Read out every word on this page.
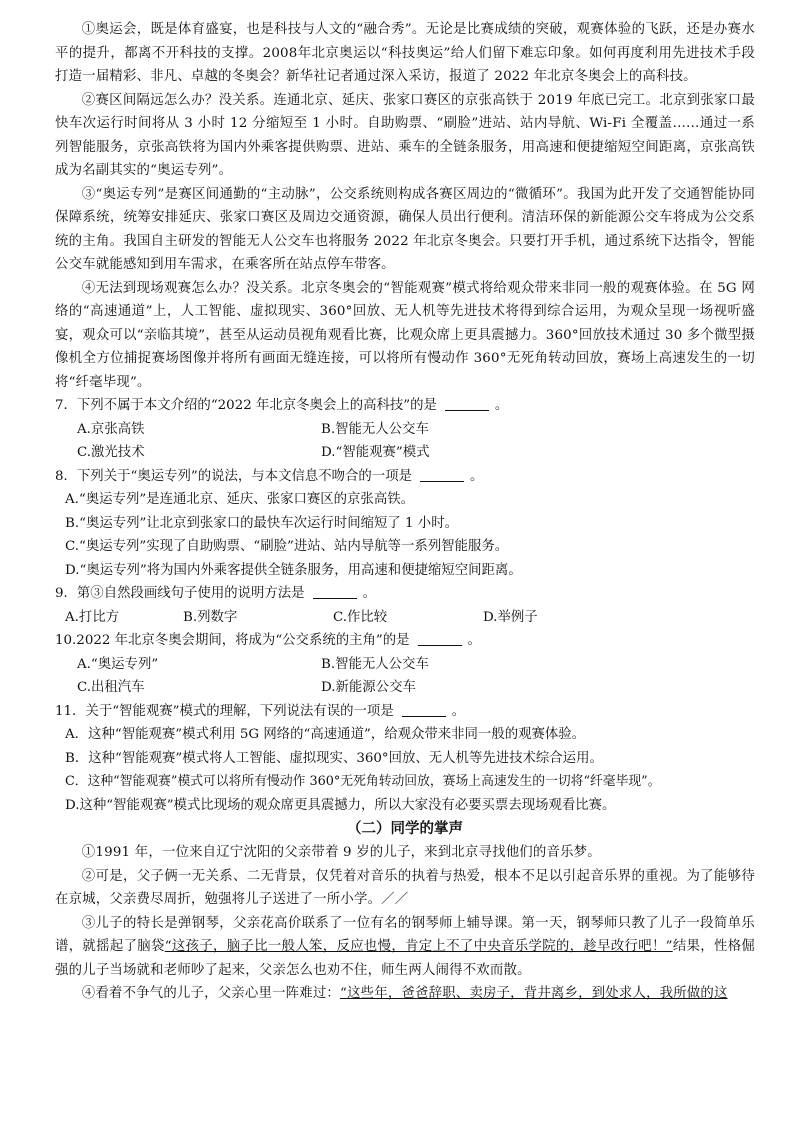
①奥运会，既是体育盛宴，也是科技与人文的“融合秀”。无论是比赛成绩的突破，观赛体验的飞跃，还是办赛水平的提升，都离不开科技的支撑。2008年北京奥运以“科技奥运”给人们留下难忘印象。如何再度利用先进技术手段打造一届精彩、非凡、卓越的冬奥会？新华社记者通过深入采访，报道了 2022 年北京冬奥会上的高科技。

②赛区间隔远怎么办？没关系。连通北京、延庆、张家口赛区的京张高铁于 2019 年底已完工。北京到张家口最快车次运行时间将从 3 小时 12 分缩短至 1 小时。自助购票、“刷脸”进站、站内导航、Wi-Fi 全覆盖……通过一系列智能服务，京张高铁将为国内外乘客提供购票、进站、乘车的全链条服务，用高速和便捷缩短空间距离，京张高铁成为名副其实的“奥运专列”。

③“奥运专列”是赛区间通勤的“主动脉”，公交系统则构成各赛区周边的“微循环”。我国为此开发了交通智能协同保障系统，统筹安排延庆、张家口赛区及周边交通资源，确保人员出行便利。清洁环保的新能源公交车将成为公交系统的主角。我国自主研发的智能无人公交车也将服务 2022 年北京冬奥会。只要打开手机，通过系统下达指令，智能公交车就能感知到用车需求，在乘客所在站点停车带客。

④无法到现场观赛怎么办？没关系。北京冬奥会的“智能观赛”模式将给观众带来非同一般的观赛体验。在 5G 网络的“高速通道”上，人工智能、虚拟现实、360°回放、无人机等先进技术将得到综合运用，为观众呈现一场视听盛宴，观众可以“亲临其境”，甚至从运动员视角观看比赛，比观众席上更具震撼力。360°回放技术通过 30 多个微型摄像机全方位捕捉赛场图像并将所有画面无缝连接，可以将所有慢动作 360°无死角转动回放，赛场上高速发生的一切将“纤毫毕现”。

7．下列不属于本文介绍的“2022 年北京冬奥会上的高科技”的是	。

A.京张高铁	B.智能无人公交车
C.激光技术	D.“智能观赛”模式

8．下列关于“奥运专列”的说法，与本文信息不吻合的一项是	。

A.“奥运专列”是连通北京、延庆、张家口赛区的京张高铁。

B.“奥运专列”让北京到张家口的最快车次运行时间缩短了 1 小时。

C.“奥运专列”实现了自助购票、“刷脸”进站、站内导航等一系列智能服务。

D.“奥运专列”将为国内外乘客提供全链条服务，用高速和便捷缩短空间距离。

9．第③自然段画线句子使用的说明方法是	。

A.打比方	B.列数字	C.作比较	D.举例子

10.2022 年北京冬奥会期间，将成为“公交系统的主角”的是	。

A.“奥运专列”	B.智能无人公交车
C.出租汽车	D.新能源公交车

11．关于“智能观赛”模式的理解，下列说法有误的一项是	。

A．这种“智能观赛”模式利用 5G 网络的“高速通道”，给观众带来非同一般的观赛体验。

B．这种“智能观赛”模式将人工智能、虚拟现实、360°回放、无人机等先进技术综合运用。

C．这种“智能观赛”模式可以将所有慢动作 360°无死角转动回放，赛场上高速发生的一切将“纤毫毕现”。

D.这种“智能观赛”模式比现场的观众席更具震撼力，所以大家没有必要买票去现场观看比赛。

（二）同学的掌声

①1991 年，一位来自辽宁沈阳的父亲带着 9 岁的儿子，来到北京寻找他们的音乐梦。

②可是，父子俩一无关系、二无背景，仅凭着对音乐的执着与热爱，根本不足以引起音乐界的重视。为了能够待在京城，父亲费尽周折，勉强将儿子送进了一所小学。／／

③儿子的特长是弹钢琴，父亲花高价联系了一位有名的钢琴师上辅导课。第一天，钢琴师只教了儿子一段简单乐谱，就摇起了脑袋“这孩子，脑子比一般人笨，反应也慢，肯定上不了中央音乐学院的，趁早改行吧！”结果，性格倔强的儿子当场就和老师吵了起来，父亲怎么也劝不住，师生两人闹得不欢而散。

④看着不争气的儿子，父亲心里一阵难过：“这些年，爸爸辞职、卖房子，背井离乡，到处求人，我所做的这
